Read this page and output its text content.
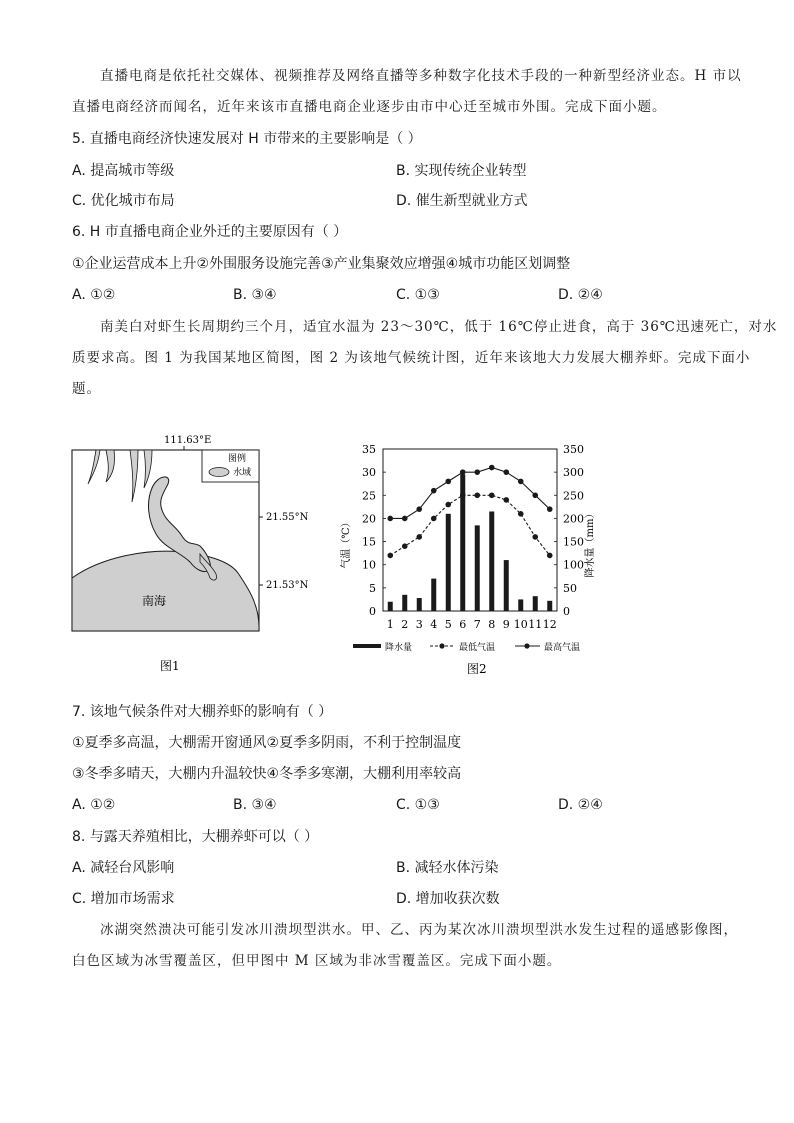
直播电商是依托社交媒体、视频推荐及网络直播等多种数字化技术手段的一种新型经济业态。H 市以
直播电商经济而闻名，近年来该市直播电商企业逐步由市中心迁至城市外围。完成下面小题。
5. 直播电商经济快速发展对 H 市带来的主要影响是（ ）
A. 提高城市等级	B. 实现传统企业转型
C. 优化城市布局	D. 催生新型就业方式
6. H 市直播电商企业外迁的主要原因有（ ）
①企业运营成本上升②外围服务设施完善③产业集聚效应增强④城市功能区划调整
A. ①②	B. ③④	C. ①③	D. ②④
南美白对虾生长周期约三个月，适宜水温为 23～30℃，低于 16℃停止进食，高于 36℃迅速死亡，对水
质要求高。图 1 为我国某地区简图，图 2 为该地气候统计图，近年来该地大力发展大棚养虾。完成下面小
题。
111.63°E
图例
水域
21.55°N
21.53°N
南海
图1
0
5
10
15
20
25
30
35
0
50
100
150
200
250
300
350
1 2 3 4 5 6 7 8 9 10 11 12
气温（℃）	降水量（mm）
降水量	最低气温	最高气温
图2
7. 该地气候条件对大棚养虾的影响有（ ）
①夏季多高温，大棚需开窗通风②夏季多阴雨，不利于控制温度
③冬季多晴天，大棚内升温较快④冬季多寒潮，大棚利用率较高
A. ①②	B. ③④	C. ①③	D. ②④
8. 与露天养殖相比，大棚养虾可以（ ）
A. 减轻台风影响	B. 减轻水体污染
C. 增加市场需求	D. 增加收获次数
冰湖突然溃决可能引发冰川溃坝型洪水。甲、乙、丙为某次冰川溃坝型洪水发生过程的遥感影像图，
白色区域为冰雪覆盖区，但甲图中 M 区域为非冰雪覆盖区。完成下面小题。
